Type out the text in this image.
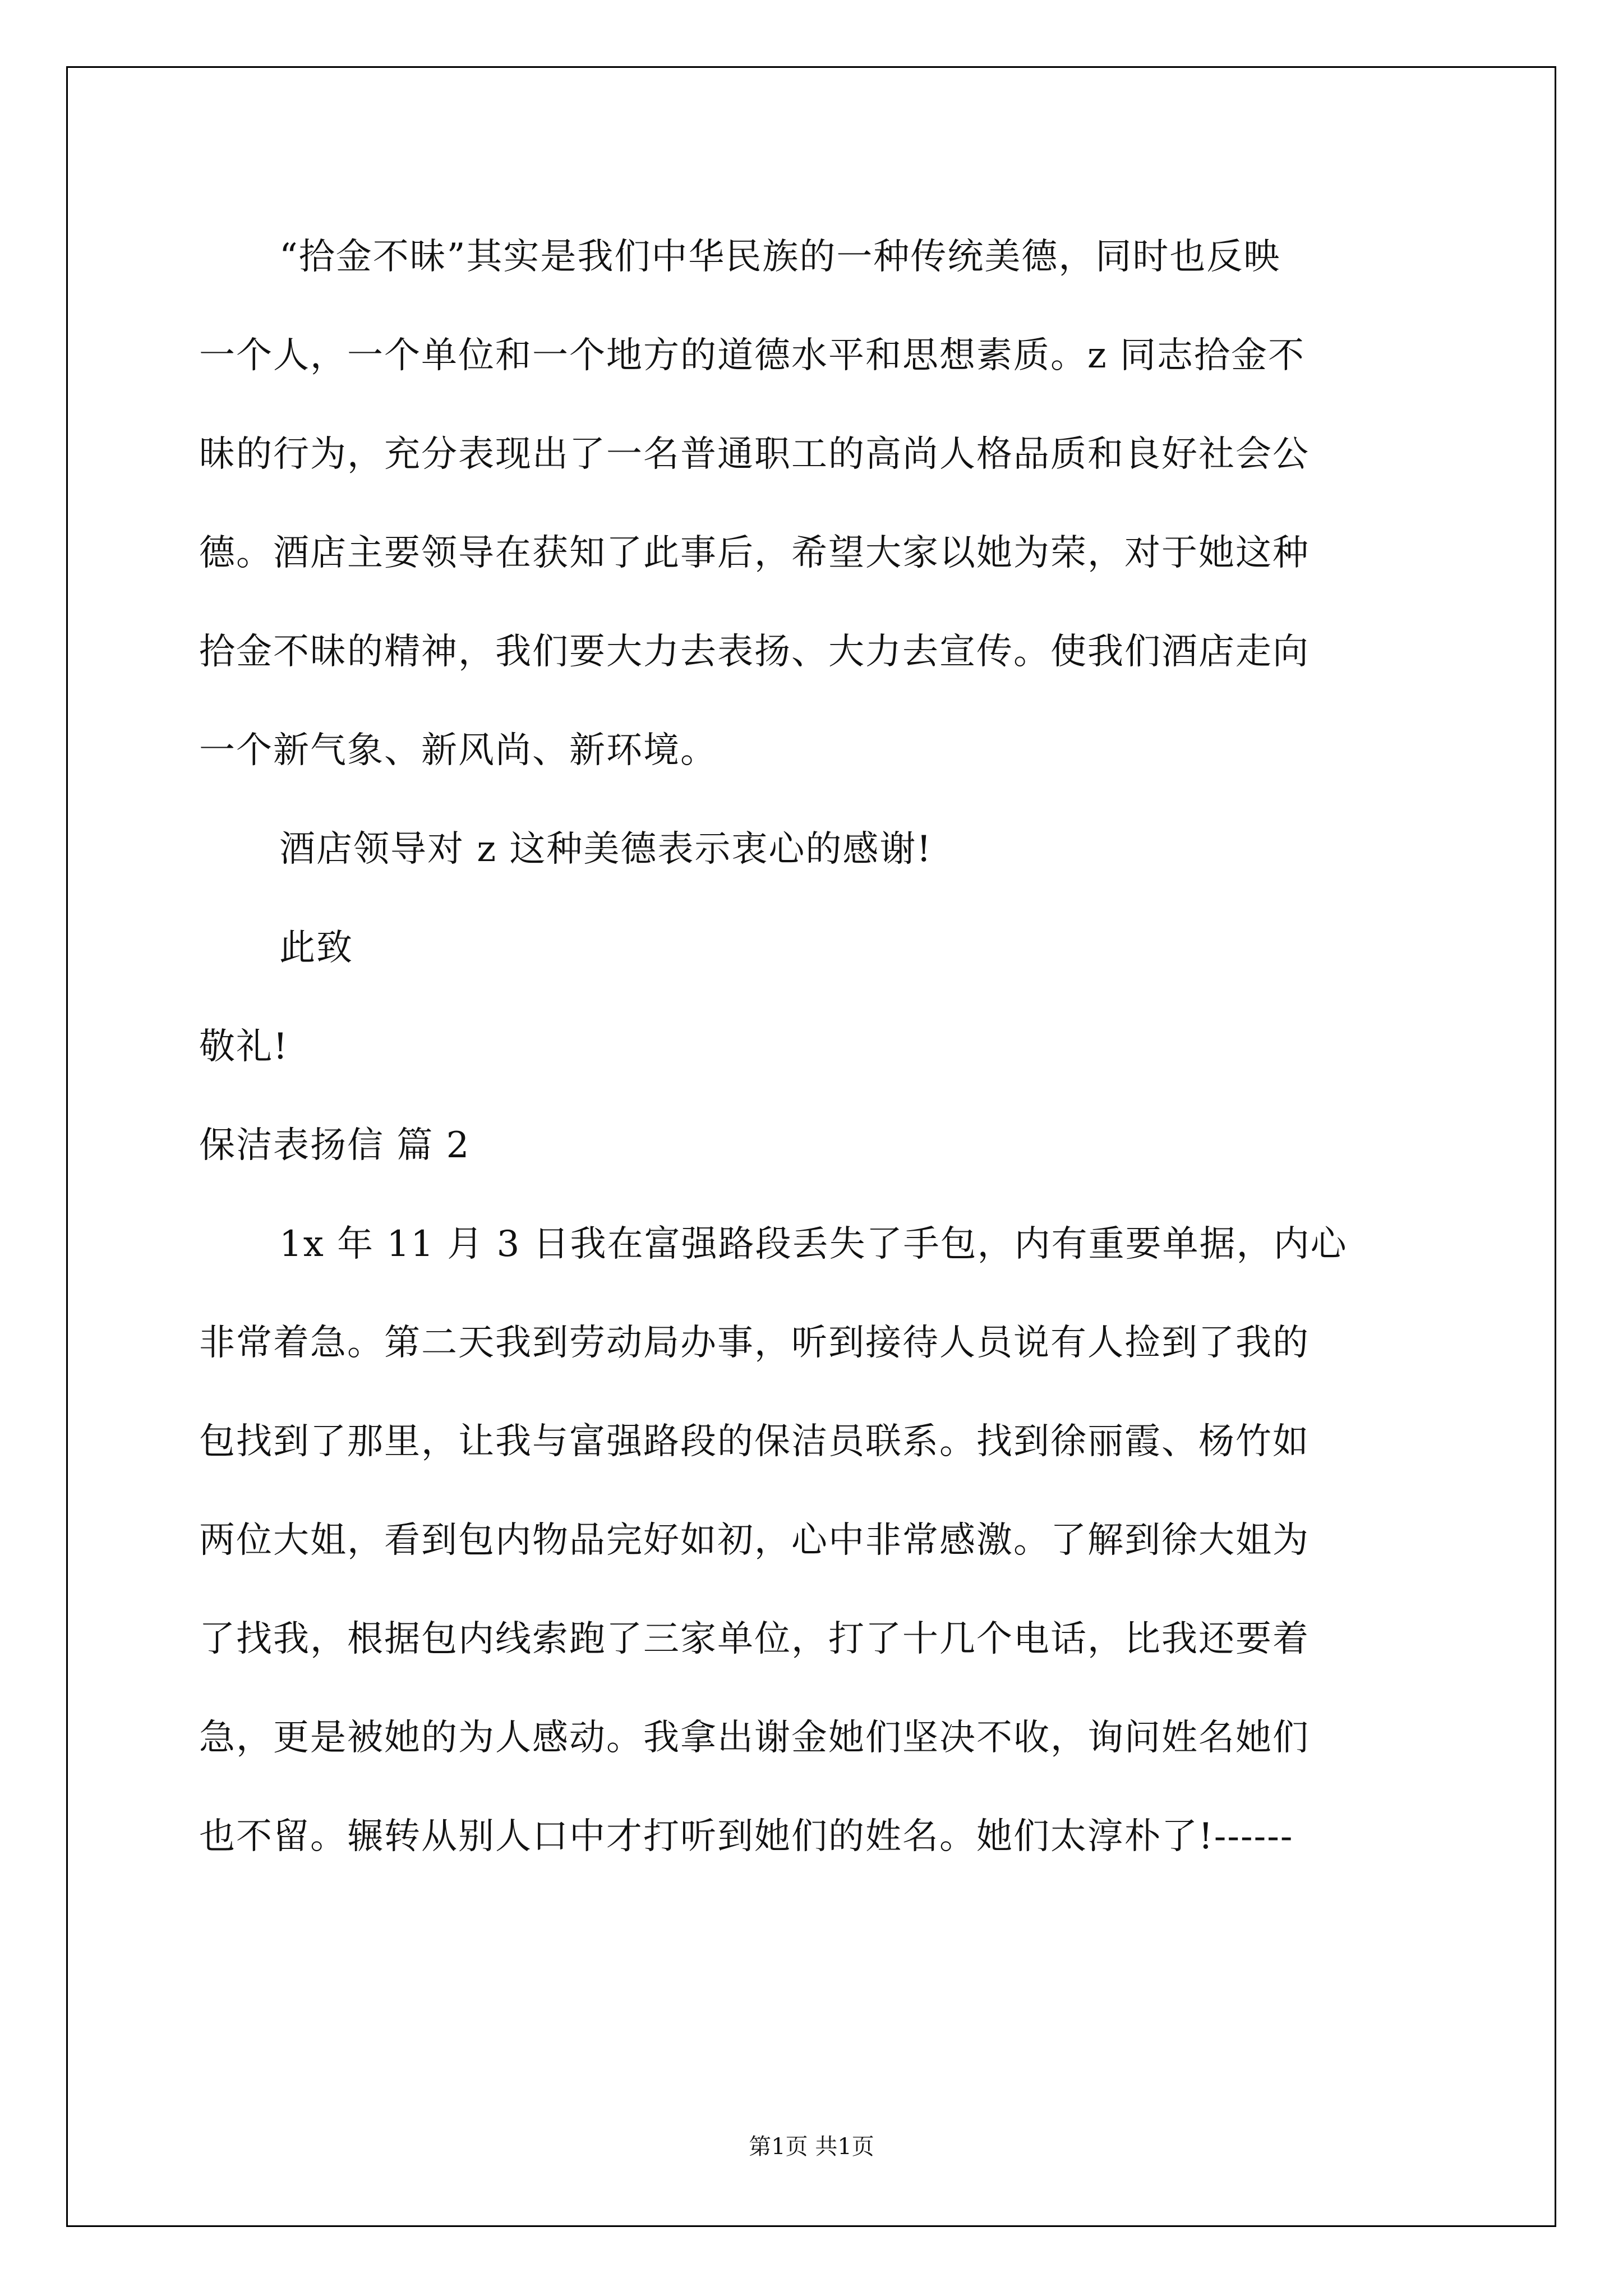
“拾金不昧”其实是我们中华民族的一种传统美德，同时也反映

一个人，一个单位和一个地方的道德水平和思想素质。z 同志拾金不

昧的行为，充分表现出了一名普通职工的高尚人格品质和良好社会公

德。酒店主要领导在获知了此事后，希望大家以她为荣，对于她这种

拾金不昧的精神，我们要大力去表扬、大力去宣传。使我们酒店走向

一个新气象、新风尚、新环境。

酒店领导对 z 这种美德表示衷心的感谢!

此致

敬礼!

保洁表扬信 篇 2

1x 年 11 月 3 日我在富强路段丢失了手包，内有重要单据，内心

非常着急。第二天我到劳动局办事，听到接待人员说有人捡到了我的

包找到了那里，让我与富强路段的保洁员联系。找到徐丽霞、杨竹如

两位大姐，看到包内物品完好如初，心中非常感激。了解到徐大姐为

了找我，根据包内线索跑了三家单位，打了十几个电话，比我还要着

急，更是被她的为人感动。我拿出谢金她们坚决不收，询问姓名她们

也不留。辗转从别人口中才打听到她们的姓名。她们太淳朴了!------

第1页 共1页
